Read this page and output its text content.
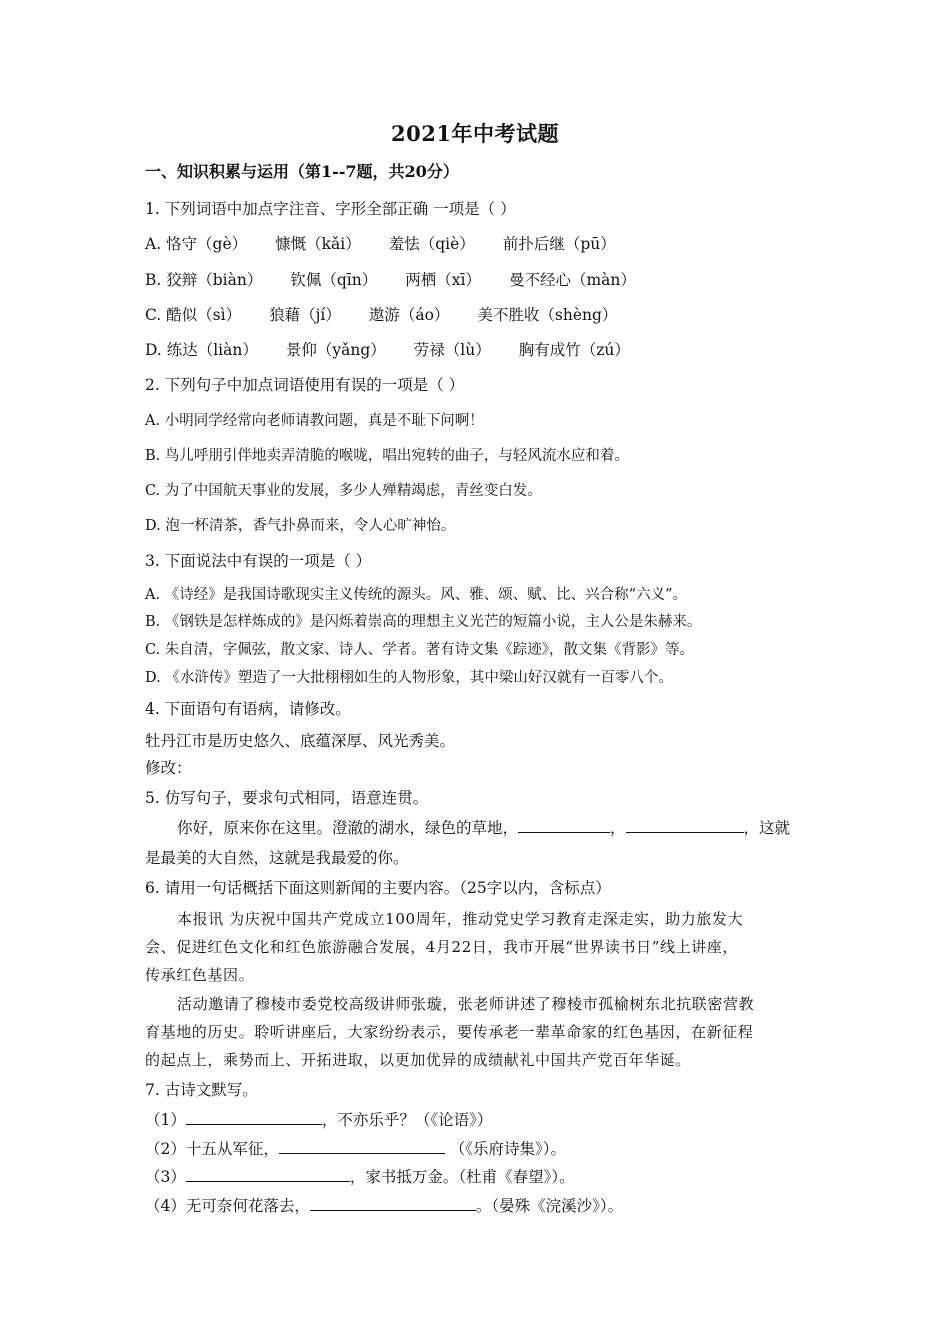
2021年中考试题
一、知识积累与运用（第1--7题，共20分）
1. 下列词语中加点字注音、字形全部正确 一项是（ ）
A. 恪守（gè） 慷慨（kǎi） 羞怯（qiè） 前扑后继（pū）
B. 狡辩（biàn） 钦佩（qīn） 两栖（xī） 曼不经心（màn）
C. 酷似（sì） 狼藉（jí） 遨游（áo） 美不胜收（shèng）
D. 练达（liàn） 景仰（yǎng） 劳禄（lù） 胸有成竹（zú）
2. 下列句子中加点词语使用有误的一项是（ ）
A. 小明同学经常向老师请教问题，真是不耻下问啊！
B. 鸟儿呼朋引伴地卖弄清脆的喉咙，唱出宛转的曲子，与轻风流水应和着。
C. 为了中国航天事业的发展，多少人殚精竭虑，青丝变白发。
D. 泡一杯清茶，香气扑鼻而来，令人心旷神怡。
3. 下面说法中有误的一项是（ ）
A. 《诗经》是我国诗歌现实主义传统的源头。风、雅、颂、赋、比、兴合称“六义”。
B. 《钢铁是怎样炼成的》是闪烁着崇高的理想主义光芒的短篇小说，主人公是朱赫来。
C. 朱自清，字佩弦，散文家、诗人、学者。著有诗文集《踪迹》，散文集《背影》等。
D. 《水浒传》塑造了一大批栩栩如生的人物形象，其中梁山好汉就有一百零八个。
4. 下面语句有语病，请修改。
牡丹江市是历史悠久、底蕴深厚、风光秀美。
修改：
5. 仿写句子，要求句式相同，语意连贯。
你好，原来你在这里。澄澈的湖水，绿色的草地，	，	，这就
是最美的大自然，这就是我最爱的你。
6. 请用一句话概括下面这则新闻的主要内容。（25字以内，含标点）
本报讯 为庆祝中国共产党成立100周年，推动党史学习教育走深走实，助力旅发大
会、促进红色文化和红色旅游融合发展，4月22日，我市开展“世界读书日”线上讲座，
传承红色基因。
活动邀请了穆棱市委党校高级讲师张璇，张老师讲述了穆棱市孤榆树东北抗联密营教
育基地的历史。聆听讲座后，大家纷纷表示，要传承老一辈革命家的红色基因，在新征程
的起点上，乘势而上、开拓进取，以更加优异的成绩献礼中国共产党百年华诞。
7. 古诗文默写。
（1）	，不亦乐乎？（《论语》）
（2）十五从军征，	（《乐府诗集》）。
（3）	，家书抵万金。（杜甫《春望》）。
（4）无可奈何花落去，	。（晏殊《浣溪沙》）。
